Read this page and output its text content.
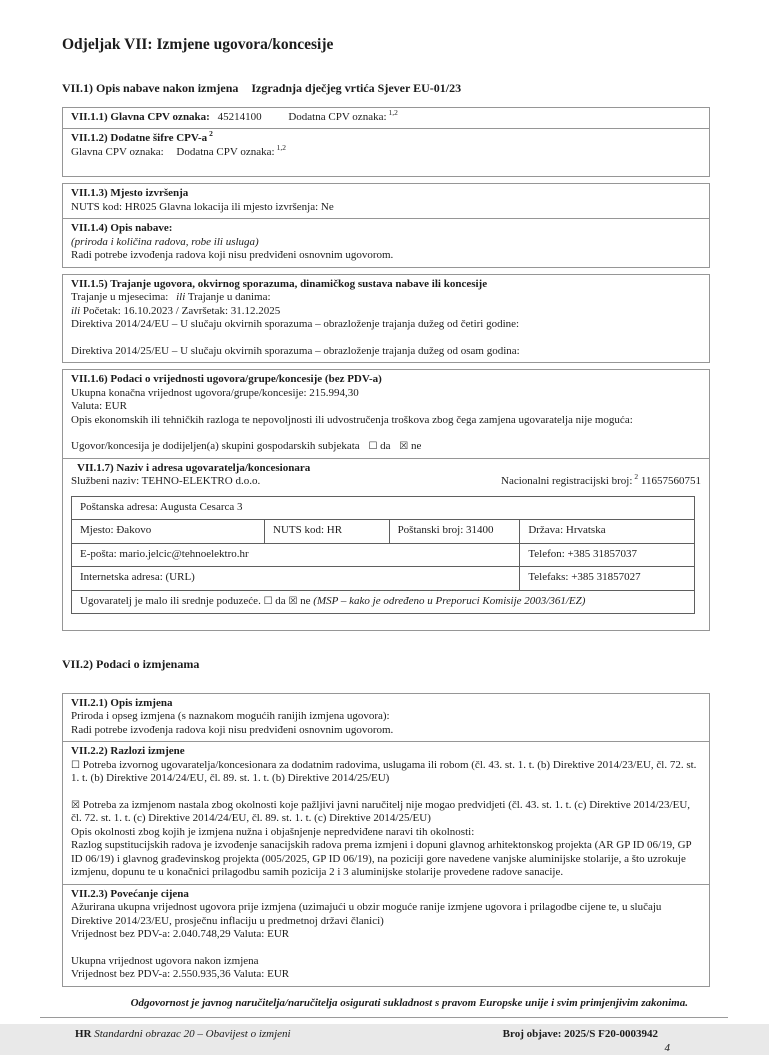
Odjeljak VII: Izmjene ugovora/koncesije
VII.1) Opis nabave nakon izmjena Izgradnja dječjeg vrtića Sjever EU-01/23
VII.1.1) Glavna CPV oznaka: 45214100 Dodatna CPV oznaka: $^{1,2}$
VII.1.2) Dodatne šifre CPV-a $^2$
Glavna CPV oznaka: Dodatna CPV oznaka: $^{1,2}$
VII.1.3) Mjesto izvršenja
NUTS kod: HR025 Glavna lokacija ili mjesto izvršenja: Ne
VII.1.4) Opis nabave:
(priroda i količina radova, robe ili usluga)
Radi potrebe izvođenja radova koji nisu predviđeni osnovnim ugovorom.
VII.1.5) Trajanje ugovora, okvirnog sporazuma, dinamičkog sustava nabave ili koncesije
Trajanje u mjesecima: ili Trajanje u danima:
ili Početak: 16.10.2023 / Završetak: 31.12.2025
Direktiva 2014/24/EU – U slučaju okvirnih sporazuma – obrazloženje trajanja dužeg od četiri godine:
Direktiva 2014/25/EU – U slučaju okvirnih sporazuma – obrazloženje trajanja dužeg od osam godina:
VII.1.6) Podaci o vrijednosti ugovora/grupe/koncesije (bez PDV-a)
Ukupna konačna vrijednost ugovora/grupe/koncesije: 215.994,30
Valuta: EUR
Opis ekonomskih ili tehničkih razloga te nepovoljnosti ili udvostručenja troškova zbog čega zamjena ugovaratelja nije moguća:
Ugovor/koncesija je dodijeljen(a) skupini gospodarskih subjekata ☐ da ☒ ne
VII.1.7) Naziv i adresa ugovaratelja/koncesionara
Službeni naziv: TEHNO-ELEKTRO d.o.o.	Nacionalni registracijski broj: $^2$ 11657560751
Poštanska adresa: Augusta Cesarca 3			
Mjesto: Đakovo	NUTS kod: HR	Poštanski broj: 31400	Država: Hrvatska
E-pošta: mario.jelcic@tehnoelektro.hr			Telefon: +385 31857037
Internetska adresa: (URL)			Telefaks: +385 31857027
Ugovaratelj je malo ili srednje poduzeće. ☐ da ☒ ne (MSP – kako je određeno u Preporuci Komisije 2003/361/EZ)			
VII.2) Podaci o izmjenama
VII.2.1) Opis izmjena
Priroda i opseg izmjena (s naznakom mogućih ranijih izmjena ugovora):
Radi potrebe izvođenja radova koji nisu predviđeni osnovnim ugovorom.
VII.2.2) Razlozi izmjene
☐ Potreba izvornog ugovaratelja/koncesionara za dodatnim radovima, uslugama ili robom (čl. 43. st. 1. t. (b) Direktive 2014/23/EU, čl. 72. st. 1. t. (b) Direktive 2014/24/EU, čl. 89. st. 1. t. (b) Direktive 2014/25/EU)
☒ Potreba za izmjenom nastala zbog okolnosti koje pažljivi javni naručitelj nije mogao predvidjeti (čl. 43. st. 1. t. (c) Direktive 2014/23/EU, čl. 72. st. 1. t. (c) Direktive 2014/24/EU, čl. 89. st. 1. t. (c) Direktive 2014/25/EU)
Opis okolnosti zbog kojih je izmjena nužna i objašnjenje nepredviđene naravi tih okolnosti:
Razlog supstitucijskih radova je izvođenje sanacijskih radova prema izmjeni i dopuni glavnog arhitektonskog projekta (AR GP ID 06/19, GP ID 06/19) i glavnog građevinskog projekta (005/2025, GP ID 06/19), na poziciji gore navedene vanjske aluminijske stolarije, a što uzrokuje izmjenu, dopunu te u konačnici prilagodbu samih pozicija 2 i 3 aluminijske stolarije provedene radove sanacije.
VII.2.3) Povećanje cijena
Ažurirana ukupna vrijednost ugovora prije izmjena (uzimajući u obzir moguće ranije izmjene ugovora i prilagodbe cijene te, u slučaju Direktive 2014/23/EU, prosječnu inflaciju u predmetnoj državi članici)
Vrijednost bez PDV-a: 2.040.748,29 Valuta: EUR
Ukupna vrijednost ugovora nakon izmjena
Vrijednost bez PDV-a: 2.550.935,36 Valuta: EUR
Odgovornost je javnog naručitelja/naručitelja osigurati sukladnost s pravom Europske unije i svim primjenjivim zakonima.
HR Standardni obrazac 20 – Obavijest o izmjeni	Broj objave: 2025/S F20-0003942
4
